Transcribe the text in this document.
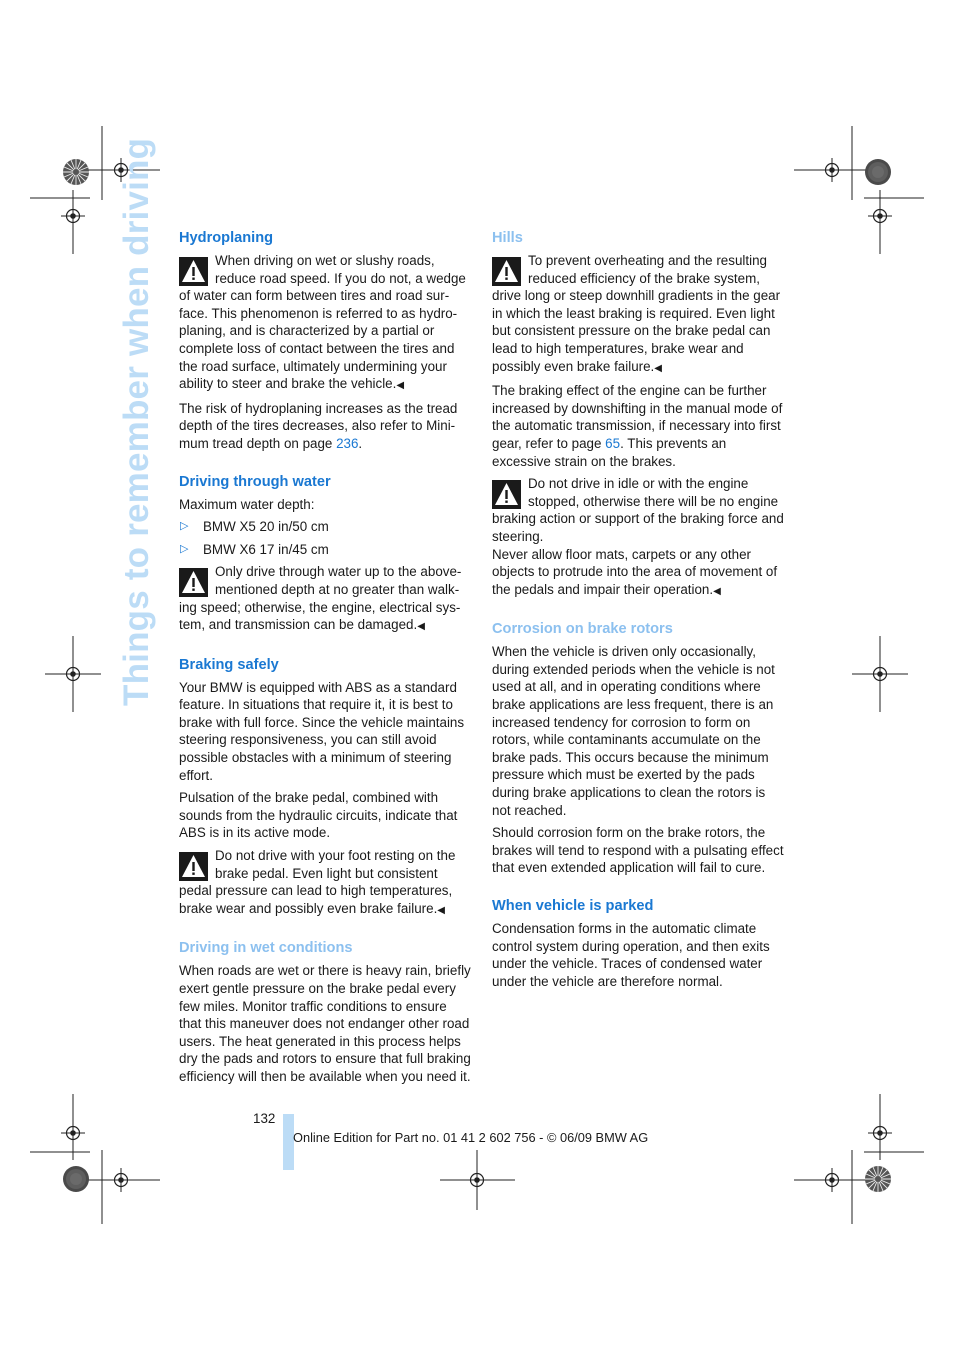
Things to remember when driving Hydroplaning
When driving on wet or slushy roads, reduce road speed. If you do not, a wedge of water can form between tires and road sur-face. This phenomenon is referred to as hydro-planing, and is characterized by a partial or complete loss of contact between the tires and the road surface, ultimately undermining your ability to steer and brake the vehicle.◀

The risk of hydroplaning increases as the tread depth of the tires decreases, also refer to Mini-mum tread depth on page 236.

Driving through water

Maximum water depth:

▷ BMW X5 20 in/50 cm
▷ BMW X6 17 in/45 cm
Only drive through water up to the above-mentioned depth at no greater than walk-ing speed; otherwise, the engine, electrical sys-tem, and transmission can be damaged.◀
Braking safely

Your BMW is equipped with ABS as a standard feature. In situations that require it, it is best to brake with full force. Since the vehicle maintains steering responsiveness, you can still avoid possible obstacles with a minimum of steering effort.

Pulsation of the brake pedal, combined with sounds from the hydraulic circuits, indicate that ABS is in its active mode.

Do not drive with your foot resting on the brake pedal. Even light but consistent pedal pressure can lead to high temperatures, brake wear and possibly even brake failure.◀
Driving in wet conditions

When roads are wet or there is heavy rain, briefly exert gentle pressure on the brake pedal every few miles. Monitor traffic conditions to ensure that this maneuver does not endanger other road users. The heat generated in this process helps dry the pads and rotors to ensure that full braking efficiency will then be available when you need it.

Hills
To prevent overheating and the resulting reduced efficiency of the brake system, drive long or steep downhill gradients in the gear in which the least braking is required. Even light but consistent pressure on the brake pedal can lead to high temperatures, brake wear and possibly even brake failure.◀

The braking effect of the engine can be further increased by downshifting in the manual mode of the automatic transmission, if necessary into first gear, refer to page 65. This prevents an excessive strain on the brakes.

Do not drive in idle or with the engine stopped, otherwise there will be no engine braking action or support of the braking force and steering.
Never allow floor mats, carpets or any other objects to protrude into the area of movement of the pedals and impair their operation.◀
Corrosion on brake rotors

When the vehicle is driven only occasionally, during extended periods when the vehicle is not used at all, and in operating conditions where brake applications are less frequent, there is an increased tendency for corrosion to form on rotors, while contaminants accumulate on the brake pads. This occurs because the minimum pressure which must be exerted by the pads during brake applications to clean the rotors is not reached.

Should corrosion form on the brake rotors, the brakes will tend to respond with a pulsating effect that even extended application will fail to cure.

When vehicle is parked

Condensation forms in the automatic climate control system during operation, and then exits under the vehicle. Traces of condensed water under the vehicle are therefore normal.

132
Online Edition for Part no. 01 41 2 602 756 - © 06/09 BMW AG
